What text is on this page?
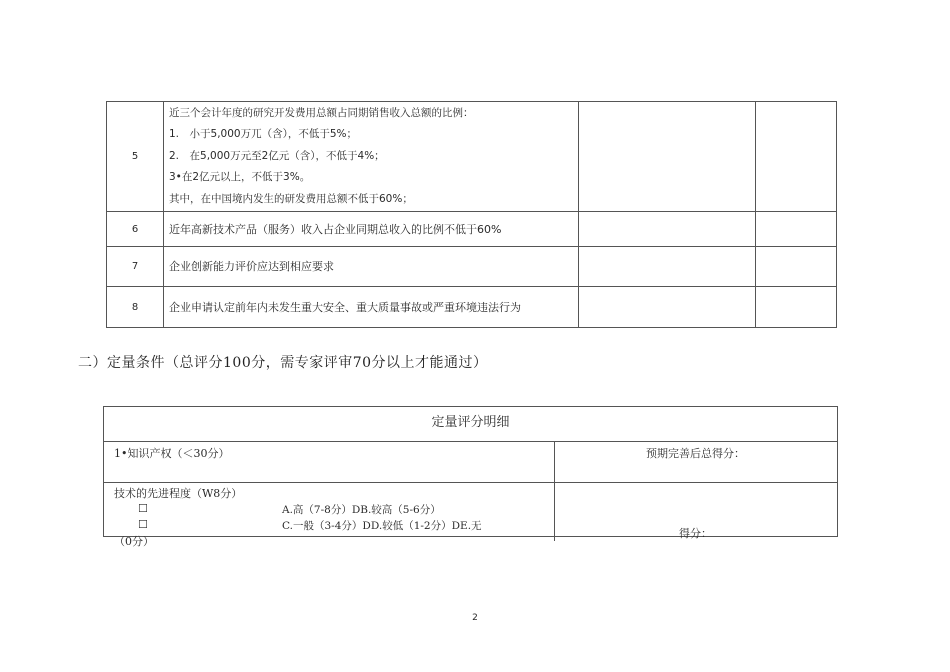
5	近三个会计年度的研究开发费用总额占同期销售收入总额的比例：
1.　小于5,000万兀（含），不低于5%；
2.　在5,000万元至2亿元（含），不低于4%；
3•在2亿元以上，不低于3%。
其中，在中国境内发生的研发费用总额不低于60%；		

6	近年高新技术产品（服务）收入占企业同期总收入的比例不低于60%		
7	企业创新能力评价应达到相应要求		
8	企业申请认定前年内未发生重大安全、重大质量事故或严重环境违法行为		
二）定量条件（总评分100分，需专家评审70分以上才能通过）
定量评分明细
1•知识产权（＜30分）	预期完善后总得分：
技术的先进程度（W8分）
☐
☐
A.高（7-8分）DB.较高（5-6分）
C.一般（3-4分）DD.较低（1-2分）DE.无
（0分）
得分：
2
